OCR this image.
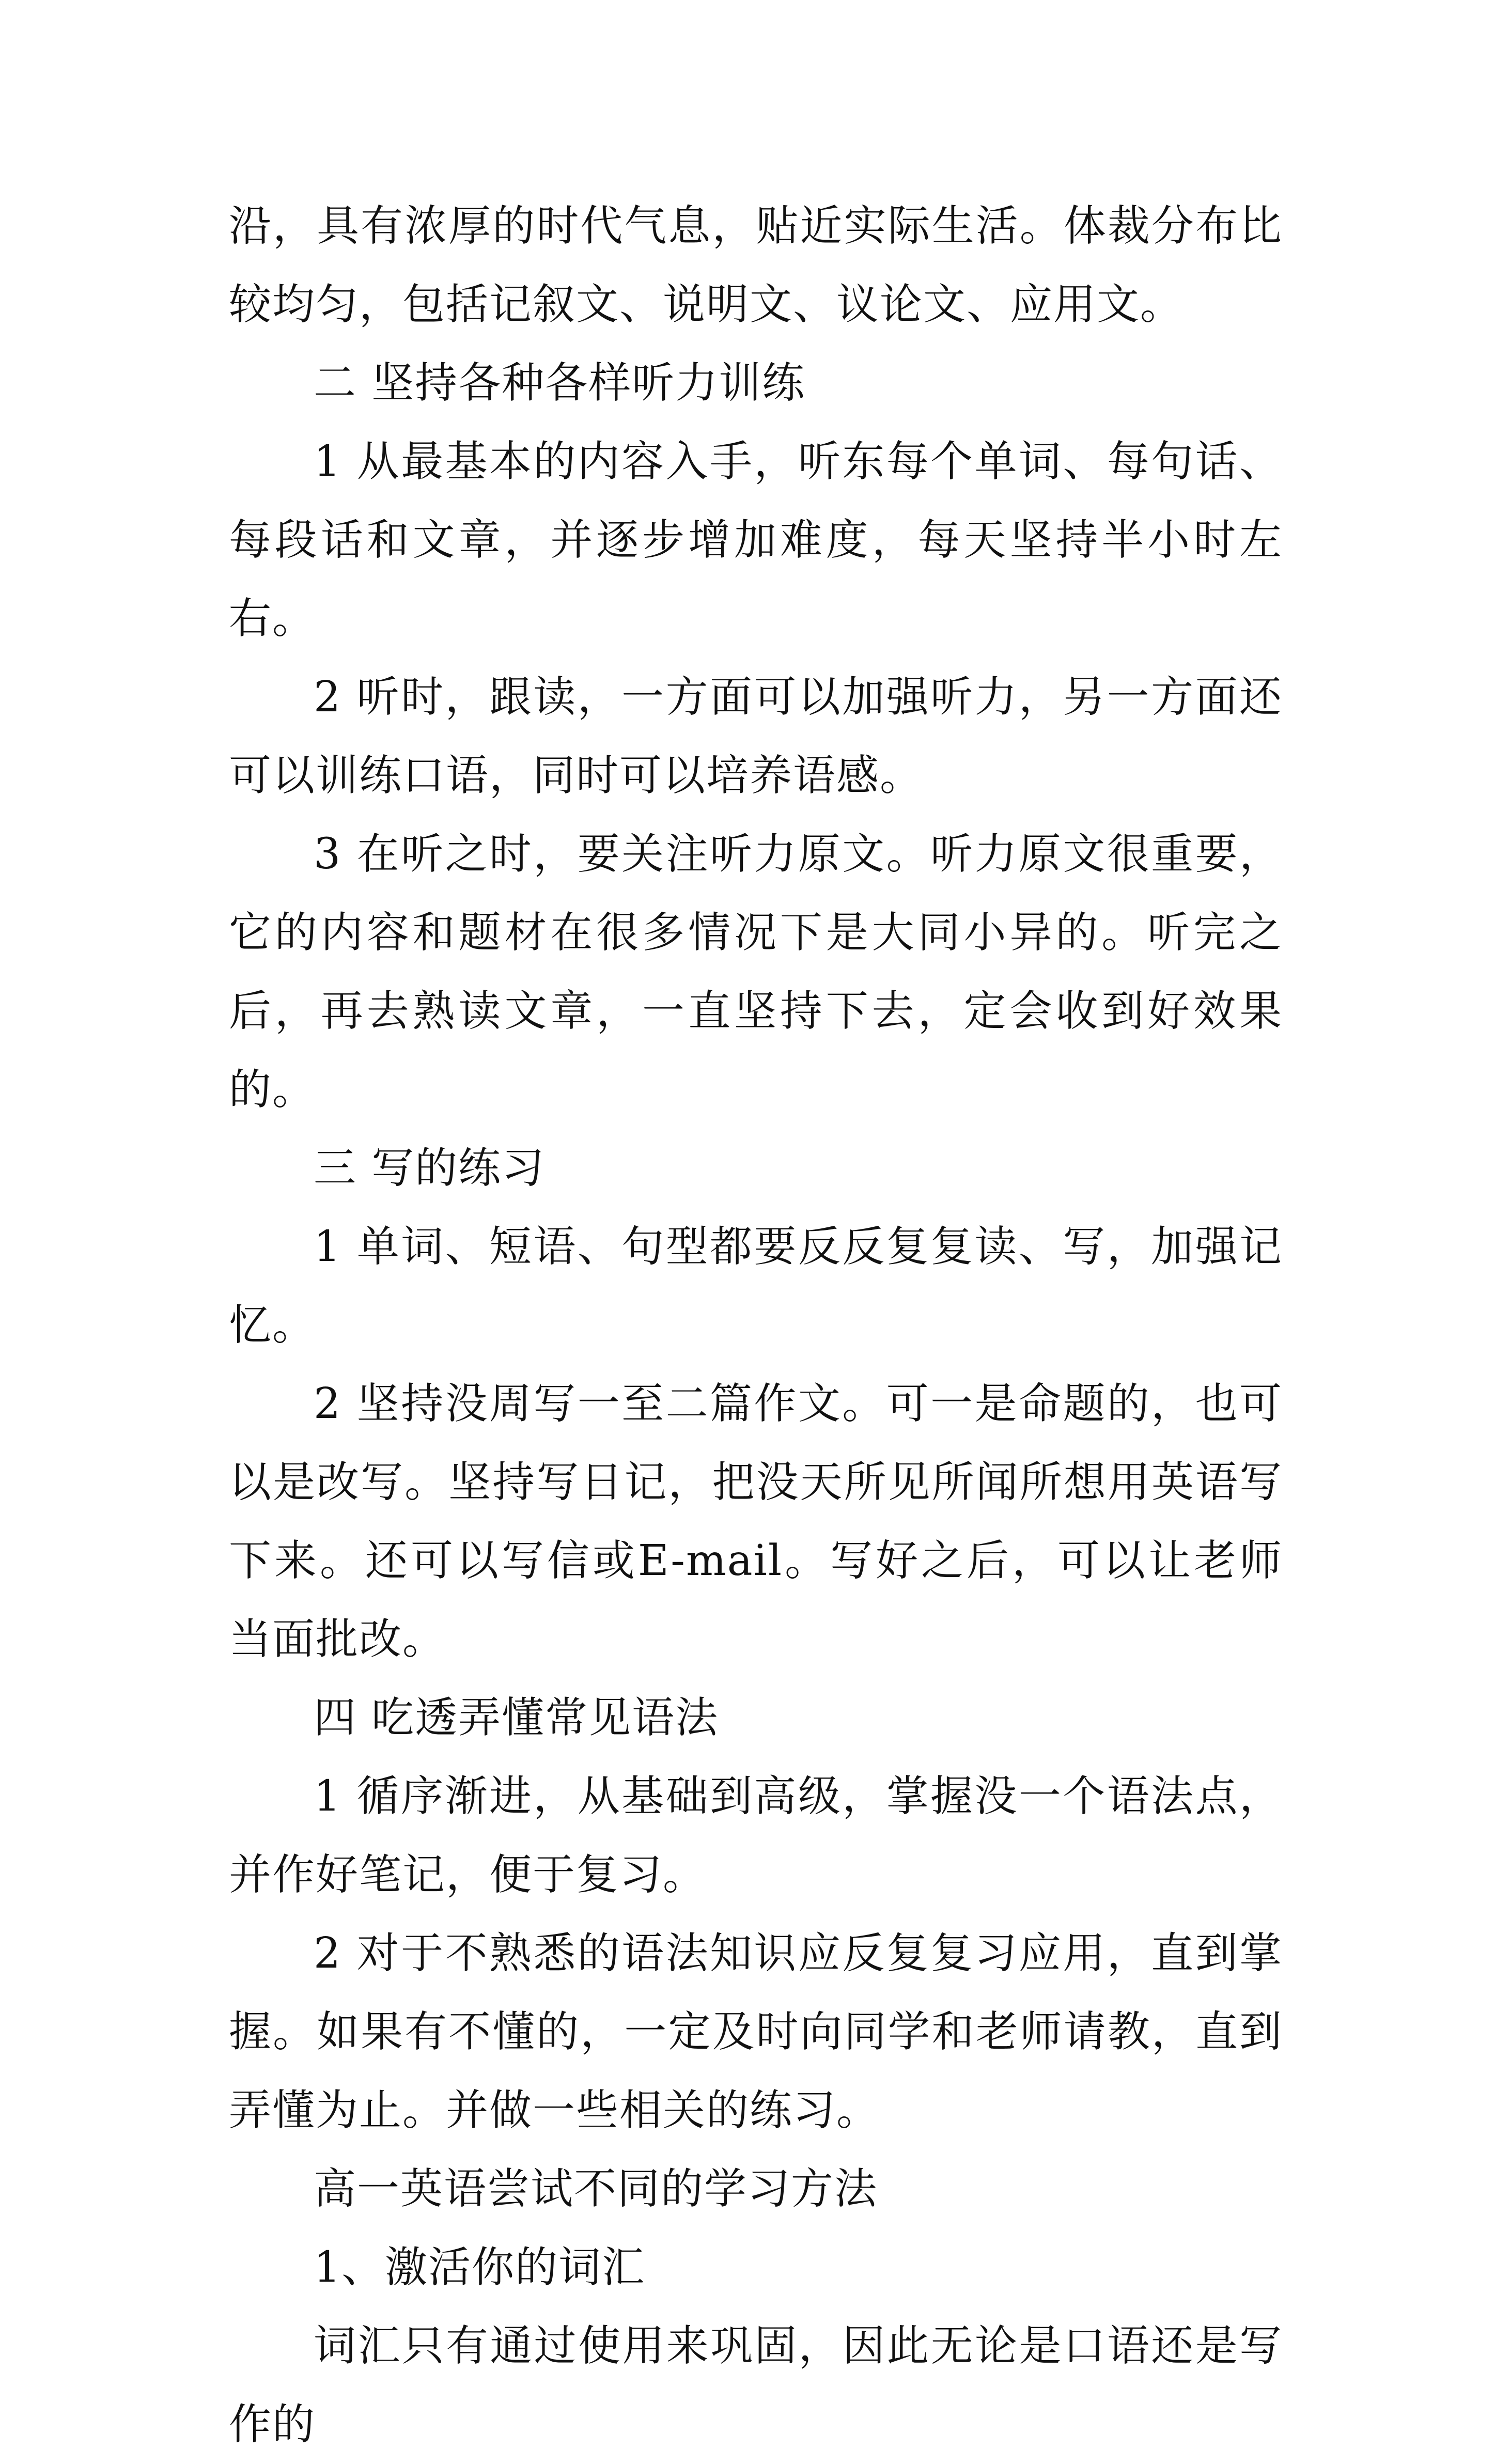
沿，具有浓厚的时代气息，贴近实际生活。体裁分布比较均匀，包括记叙文、说明文、议论文、应用文。

二 坚持各种各样听力训练

1 从最基本的内容入手，听东每个单词、每句话、每段话和文章，并逐步增加难度，每天坚持半小时左右。

2 听时，跟读，一方面可以加强听力，另一方面还可以训练口语，同时可以培养语感。

3 在听之时，要关注听力原文。听力原文很重要，它的内容和题材在很多情况下是大同小异的。听完之后，再去熟读文章，一直坚持下去，定会收到好效果的。

三 写的练习

1 单词、短语、句型都要反反复复读、写，加强记忆。

2 坚持没周写一至二篇作文。可一是命题的，也可以是改写。坚持写日记，把没天所见所闻所想用英语写下来。还可以写信或E-mail。写好之后，可以让老师当面批改。

四 吃透弄懂常见语法

1 循序渐进，从基础到高级，掌握没一个语法点，并作好笔记，便于复习。

2 对于不熟悉的语法知识应反复复习应用，直到掌握。如果有不懂的，一定及时向同学和老师请教，直到弄懂为止。并做一些相关的练习。

高一英语尝试不同的学习方法

1、激活你的词汇

词汇只有通过使用来巩固，因此无论是口语还是写作的
